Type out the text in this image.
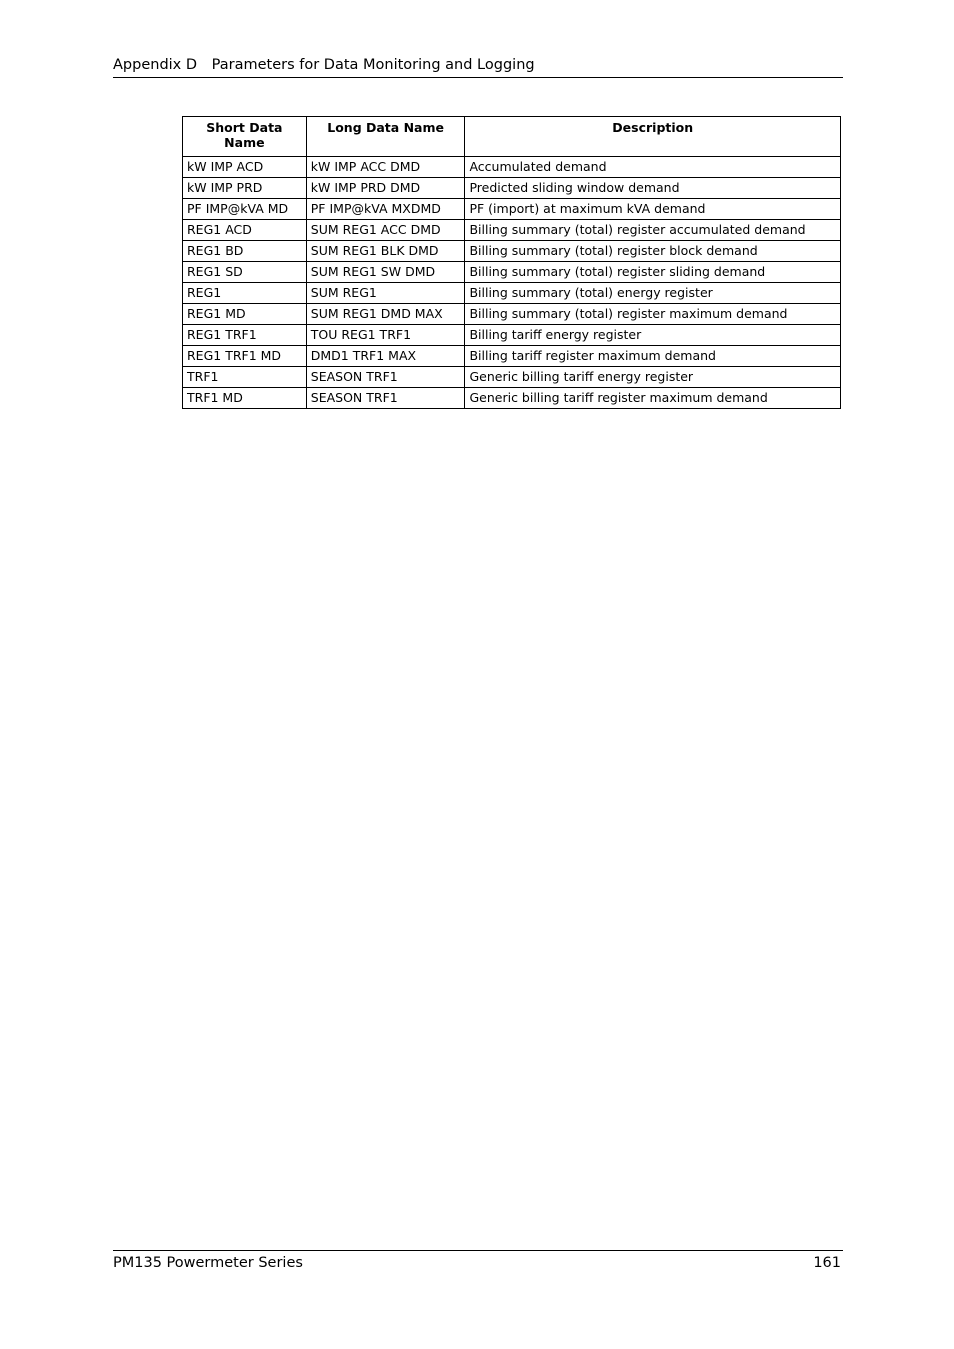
Appendix D Parameters for Data Monitoring and Logging
Short Data Name	Long Data Name	Description
kW IMP ACD	kW IMP ACC DMD	Accumulated demand
kW IMP PRD	kW IMP PRD DMD	Predicted sliding window demand
PF IMP@kVA MD	PF IMP@kVA MXDMD	PF (import) at maximum kVA demand
REG1 ACD	SUM REG1 ACC DMD	Billing summary (total) register accumulated demand
REG1 BD	SUM REG1 BLK DMD	Billing summary (total) register block demand
REG1 SD	SUM REG1 SW DMD	Billing summary (total) register sliding demand
REG1	SUM REG1	Billing summary (total) energy register
REG1 MD	SUM REG1 DMD MAX	Billing summary (total) register maximum demand
REG1 TRF1	TOU REG1 TRF1	Billing tariff energy register
REG1 TRF1 MD	DMD1 TRF1 MAX	Billing tariff register maximum demand
TRF1	SEASON TRF1	Generic billing tariff energy register
TRF1 MD	SEASON TRF1	Generic billing tariff register maximum demand
PM135 Powermeter Series	161
